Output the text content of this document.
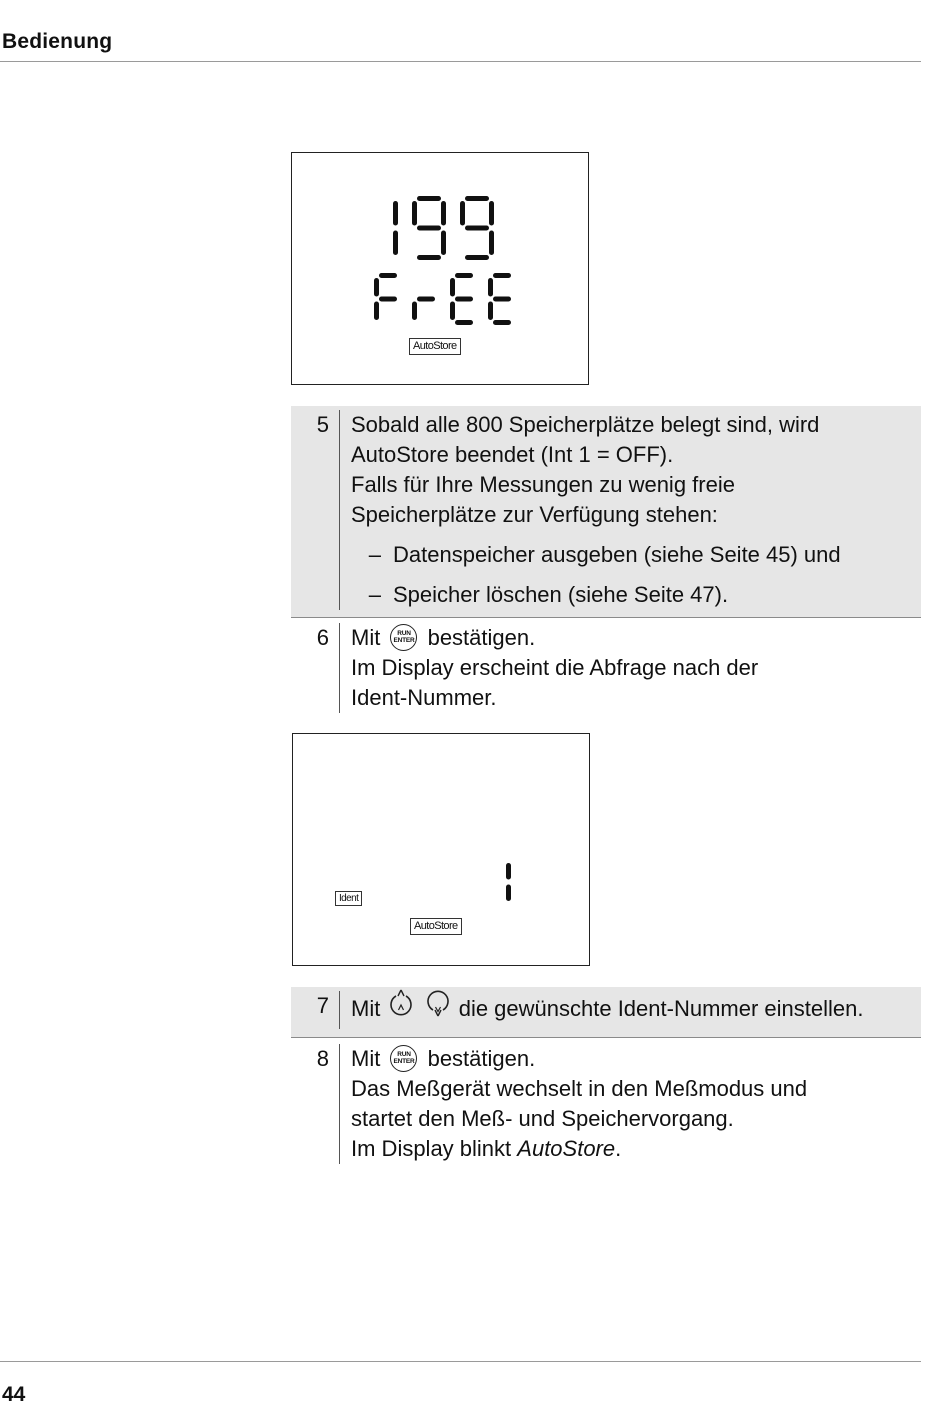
Bedienung
AutoStore
5	Sobald alle 800 Speicherplätze belegt sind, wird

AutoStore beendet (Int 1 = OFF).

Falls für Ihre Messungen zu wenig freie

Speicherplätze zur Verfügung stehen:

– Datenspeicher ausgeben (siehe Seite 45) und
– Speicher löschen (siehe Seite 47).
6	Mit	RUN
ENTER bestätigen.

Im Display erscheint die Abfrage nach der

Ident-Nummer.

Ident
AutoStore
7	Mit	die gewünschte Ident-Nummer einstellen.

8	Mit	RUN
ENTER bestätigen.

Das Meßgerät wechselt in den Meßmodus und

startet den Meß- und Speichervorgang.

Im Display blinkt AutoStore.

44
